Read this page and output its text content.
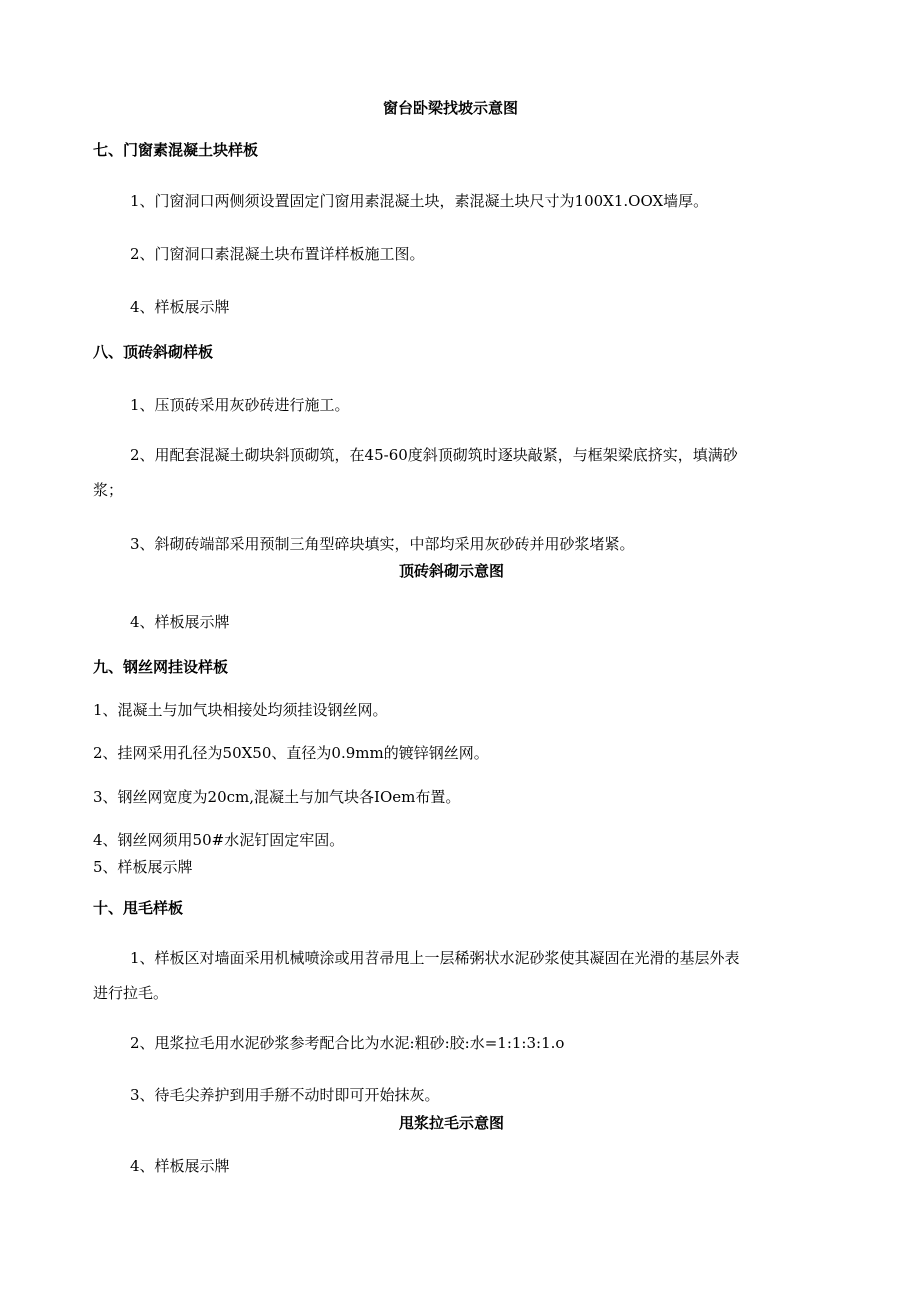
窗台卧梁找坡示意图
七、门窗素混凝土块样板
1、门窗洞口两侧须设置固定门窗用素混凝土块，素混凝土块尺寸为100X1.OOX墙厚。
2、门窗洞口素混凝土块布置详样板施工图。
4、样板展示牌
八、顶砖斜砌样板
1、压顶砖采用灰砂砖进行施工。
2、用配套混凝土砌块斜顶砌筑，在45-60度斜顶砌筑时逐块敲紧，与框架梁底挤实，填满砂
浆；
3、斜砌砖端部采用预制三角型碎块填实，中部均采用灰砂砖并用砂浆堵紧。
顶砖斜砌示意图
4、样板展示牌
九、钢丝网挂设样板
1、混凝土与加气块相接处均须挂设钢丝网。
2、挂网采用孔径为50X50、直径为0.9mm的镀锌钢丝网。
3、钢丝网宽度为20cm,混凝土与加气块各IOem布置。
4、钢丝网须用50#水泥钉固定牢固。
5、样板展示牌
十、甩毛样板
1、样板区对墙面采用机械喷涂或用苕帚甩上一层稀粥状水泥砂浆使其凝固在光滑的基层外表
进行拉毛。
2、甩浆拉毛用水泥砂浆参考配合比为水泥:粗砂:胶:水=1:1:3:1.o
3、待毛尖养护到用手掰不动时即可开始抹灰。
甩浆拉毛示意图
4、样板展示牌
